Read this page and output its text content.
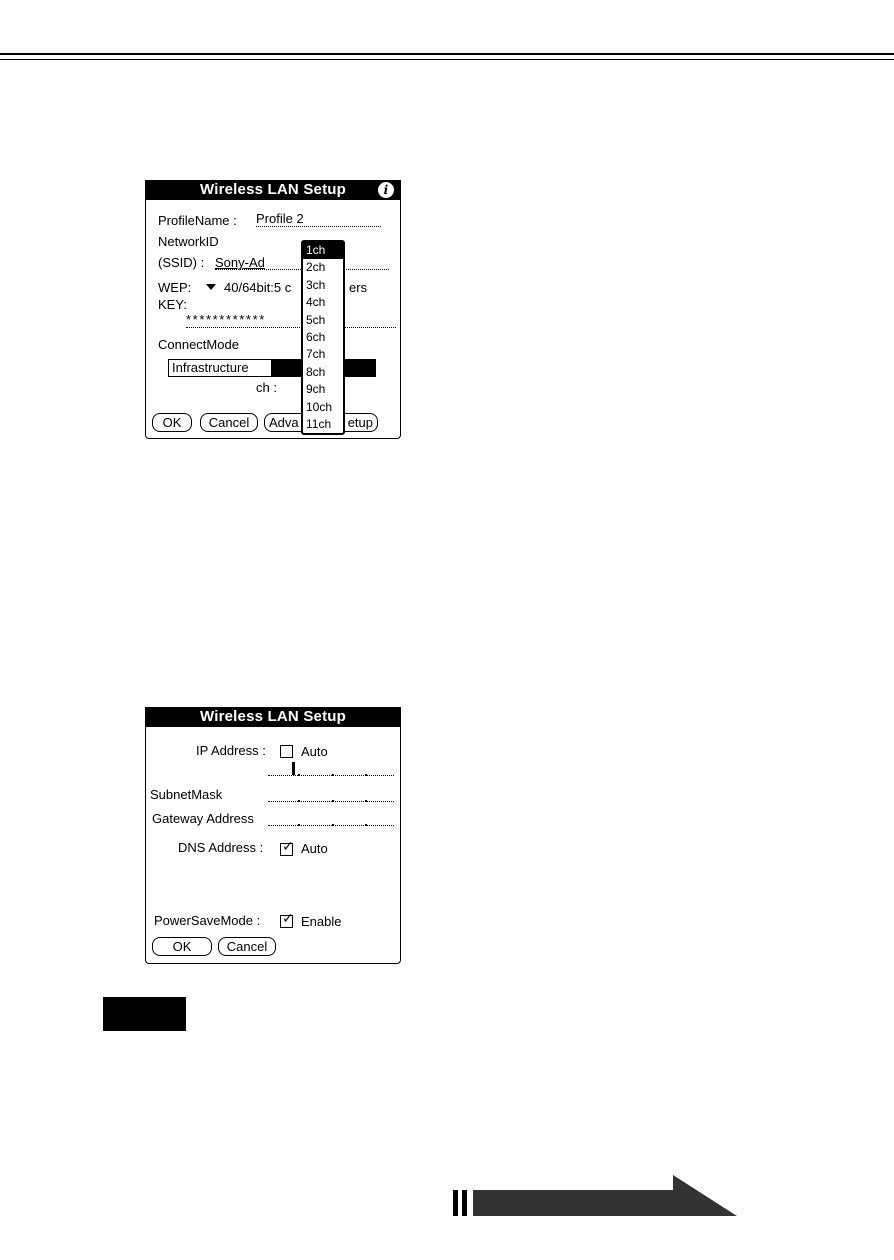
Wireless LAN Setup	i
ProfileName : Profile 2
NetworkID
(SSID) : Sony-Ad
WEP:	40/64bit:5 c	ers
KEY:
************
ConnectMode
Infrastructure
ch :
OK	Cancel	Adva	etup
1ch
2ch
3ch
4ch
5ch
6ch
7ch
8ch
9ch
10ch
11ch
Wireless LAN Setup
IP Address :	Auto
SubnetMask
Gateway Address
DNS Address : ✓ Auto
PowerSaveMode : ✓ Enable
OK	Cancel
